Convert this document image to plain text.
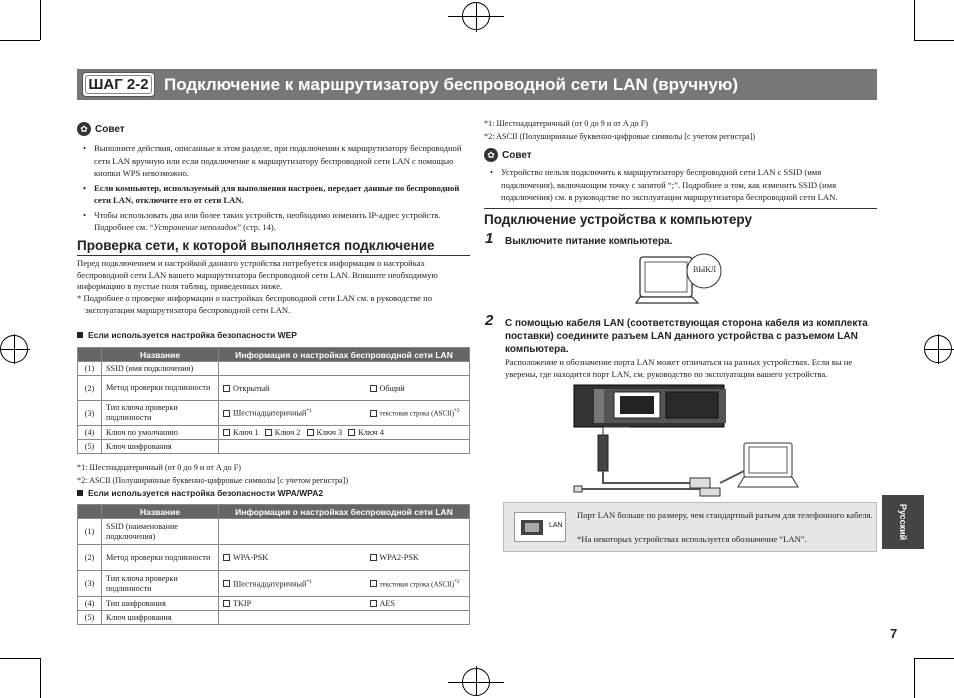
ШАГ 2-2 Подключение к маршрутизатору беспроводной сети LAN (вручную)
✿ Совет
• Выполните действия, описанные в этом разделе, при подключении к маршрутизатору беспроводной сети LAN вручную или если подключение к маршрутизатору беспроводной сети LAN с помощью кнопки WPS невозможно.
• Если компьютер, используемый для выполнения настроек, передает данные по беспроводной сети LAN, отключите его от сети LAN.
• Чтобы использовать два или более таких устройств, необходимо изменить IP-адрес устройств. Подробнее см. “Устранение неполадок” (стр. 14).
Проверка сети, к которой выполняется подключение
Перед подключением и настройкой данного устройства потребуется информация о настройках беспроводной сети LAN вашего маршрутизатора беспроводной сети LAN. Впишите необходимую информацию в пустые поля таблиц, приведенных ниже.
* Подробнее о проверке информации о настройках беспроводной сети LAN см. в руководстве по эксплуатации маршрутизатора беспроводной сети LAN.
Если используется настройка безопасности WEP
	Название	Информация о настройках беспроводной сети LAN	
(1)	SSID (имя подключения)		
(2)	Метод проверки подлинности	Открытый	Общий
(3)	Тип ключа проверки подлинности	Шестнадцатеричный$^{*1}$	текстовая строка (ASCII)$^{*2}$
(4)	Ключ по умолчанию	Ключ 1 Ключ 2 Ключ 3 Ключ 4	
(5)	Ключ шифрования		
*1: Шестнадцатеричный (от 0 до 9 и от A до F)
*2: ASCII (Полуширинные буквенно-цифровые символы [с учетом регистра])
Если используется настройка безопасности WPA/WPA2
	Название	Информация о настройках беспроводной сети LAN	
(1)	SSID (наименование подключения)		
(2)	Метод проверки подлинности	WPA-PSK	WPA2-PSK
(3)	Тип ключа проверки подлинности	Шестнадцатеричный$^{*1}$	текстовая строка (ASCII)$^{*2}$
(4)	Тип шифрования	TKIP	AES
(5)	Ключ шифрования		
*1: Шестнадцатеричный (от 0 до 9 и от A до F)
*2: ASCII (Полуширинные буквенно-цифровые символы [с учетом регистра])
✿ Совет
• Устройство нельзя подключить к маршрутизатору беспроводной сети LAN с SSID (имя подключения), включающим точку с запятой “;”. Подробнее о том, как изменить SSID (имя подключения) см. в руководстве по эксплуатации маршрутизатора беспроводной сети LAN.
Подключение устройства к компьютеру
1 Выключите питание компьютера.
ВЫКЛ
2 С помощью кабеля LAN (соответствующая сторона кабеля из комплекта поставки) соедините разъем LAN данного устройства с разъемом LAN компьютера.
Расположение и обозначение порта LAN может отличаться на разных устройствах. Если вы не уверены, где находится порт LAN, см. руководство по эксплуатации вашего устройства.
LAN
Порт LAN больше по размеру, чем стандартный разъем для телефонного кабеля.
*На некоторых устройствах используется обозначение “LAN”.	Русский
7
